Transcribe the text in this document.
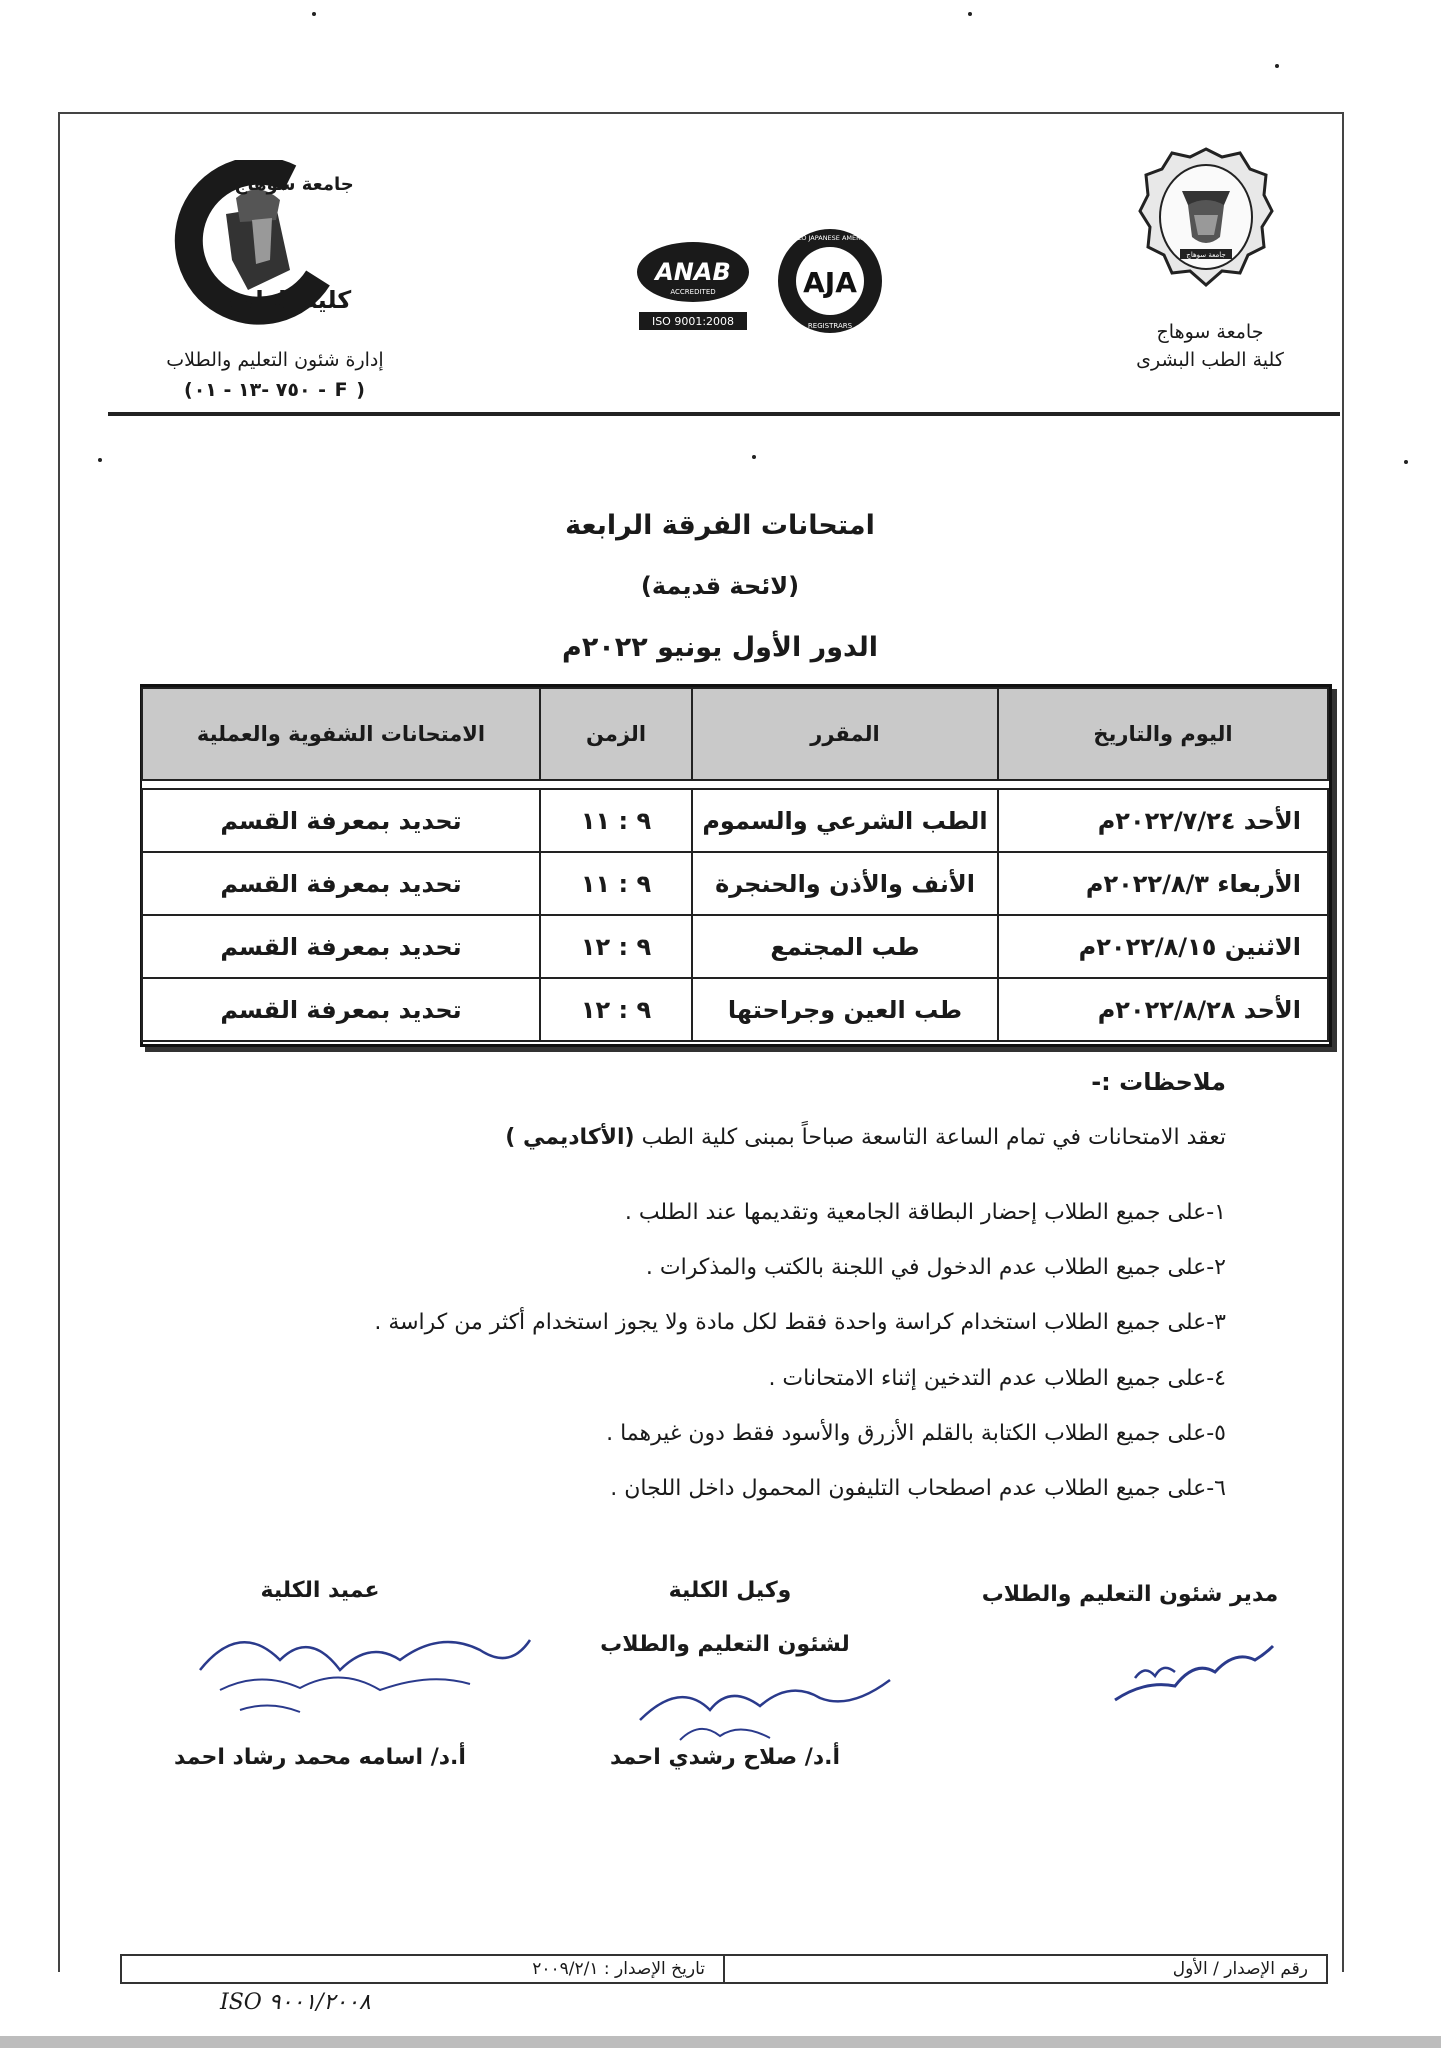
جامعة سوهاج
جامعة سوهاج
كلية الطب البشرى
ANAB
ACCREDITED
ISO 9001:2008
AJA
ANGLO JAPANESE AMERICAN
REGISTRARS
جامعة سوهاج
كلية الطب
إدارة شئون التعليم والطلاب
( F - ٧٥٠ -١٣ - ٠١)
امتحانات الفرقة الرابعة
(لائحة قديمة)
الدور الأول يونيو ٢٠٢٢م
اليوم والتاريخ	المقرر	الزمن	الامتحانات الشفوية والعملية

الأحد ٢٠٢٢/٧/٢٤م	الطب الشرعي والسموم	٩ : ١١	تحديد بمعرفة القسم
الأربعاء ٢٠٢٢/٨/٣م	الأنف والأذن والحنجرة	٩ : ١١	تحديد بمعرفة القسم
الاثنين ٢٠٢٢/٨/١٥م	طب المجتمع	٩ : ١٢	تحديد بمعرفة القسم
الأحد ٢٠٢٢/٨/٢٨م	طب العين وجراحتها	٩ : ١٢	تحديد بمعرفة القسم
ملاحظات :-
تعقد الامتحانات في تمام الساعة التاسعة صباحاً بمبنى كلية الطب (الأكاديمي )
١-على جميع الطلاب إحضار البطاقة الجامعية وتقديمها عند الطلب .
٢-على جميع الطلاب عدم الدخول في اللجنة بالكتب والمذكرات .
٣-على جميع الطلاب استخدام كراسة واحدة فقط لكل مادة ولا يجوز استخدام أكثر من كراسة .
٤-على جميع الطلاب عدم التدخين إثناء الامتحانات .
٥-على جميع الطلاب الكتابة بالقلم الأزرق والأسود فقط دون غيرهما .
٦-على جميع الطلاب عدم اصطحاب التليفون المحمول داخل اللجان .
مدير شئون التعليم والطلاب
وكيل الكلية
لشئون التعليم والطلاب
عميد الكلية
أ.د/ صلاح رشدي احمد
أ.د/ اسامه محمد رشاد احمد
رقم الإصدار / الأول
تاريخ الإصدار : ٢٠٠٩/٢/١
ISO ٩٠٠١/٢٠٠٨
